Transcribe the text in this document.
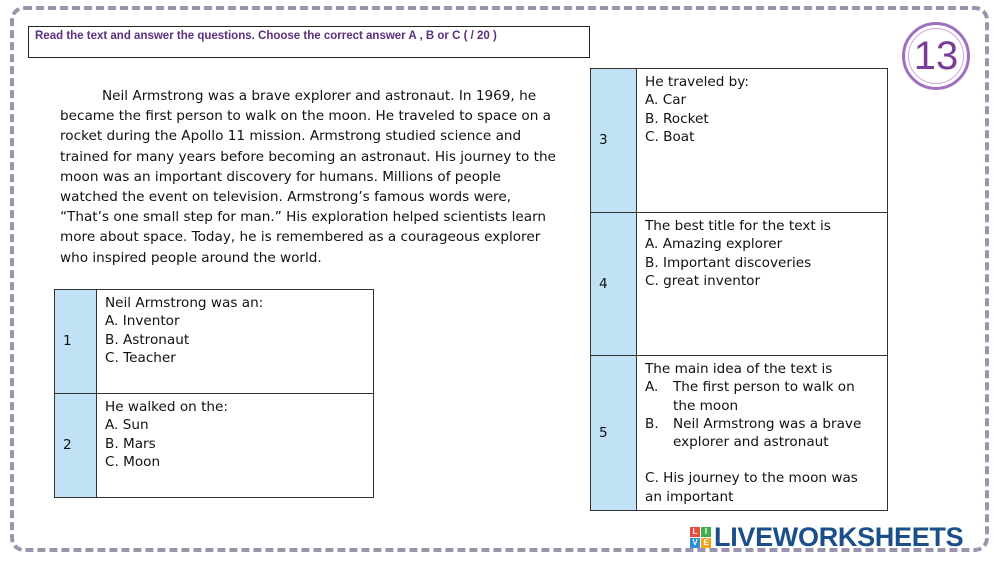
Read the text and answer the questions. Choose the correct answer A , B or C ( / 20 )	13

Neil Armstrong was a brave explorer and astronaut. In 1969, he became the first person to walk on the moon. He traveled to space on a rocket during the Apollo 11 mission. Armstrong studied science and trained for many years before becoming an astronaut. His journey to the moon was an important discovery for humans. Millions of people watched the event on television. Armstrong’s famous words were, “That’s one small step for man.” His exploration helped scientists learn more about space. Today, he is remembered as a courageous explorer who inspired people around the world.

1	Neil Armstrong was an:
A. Inventor
B. Astronaut
C. Teacher

2	He walked on the:
A. Sun
B. Mars
C. Moon
3	He traveled by:
A. Car
B. Rocket
C. Boat

4	The best title for the text is
A. Amazing explorer
B. Important discoveries
C. great inventor

5	The main idea of the text is
A. The first person to walk on the moon
B. Neil Armstrong was a brave explorer and astronaut
C. His journey to the moon was an important
L I
V E LIVEWORKSHEETS
